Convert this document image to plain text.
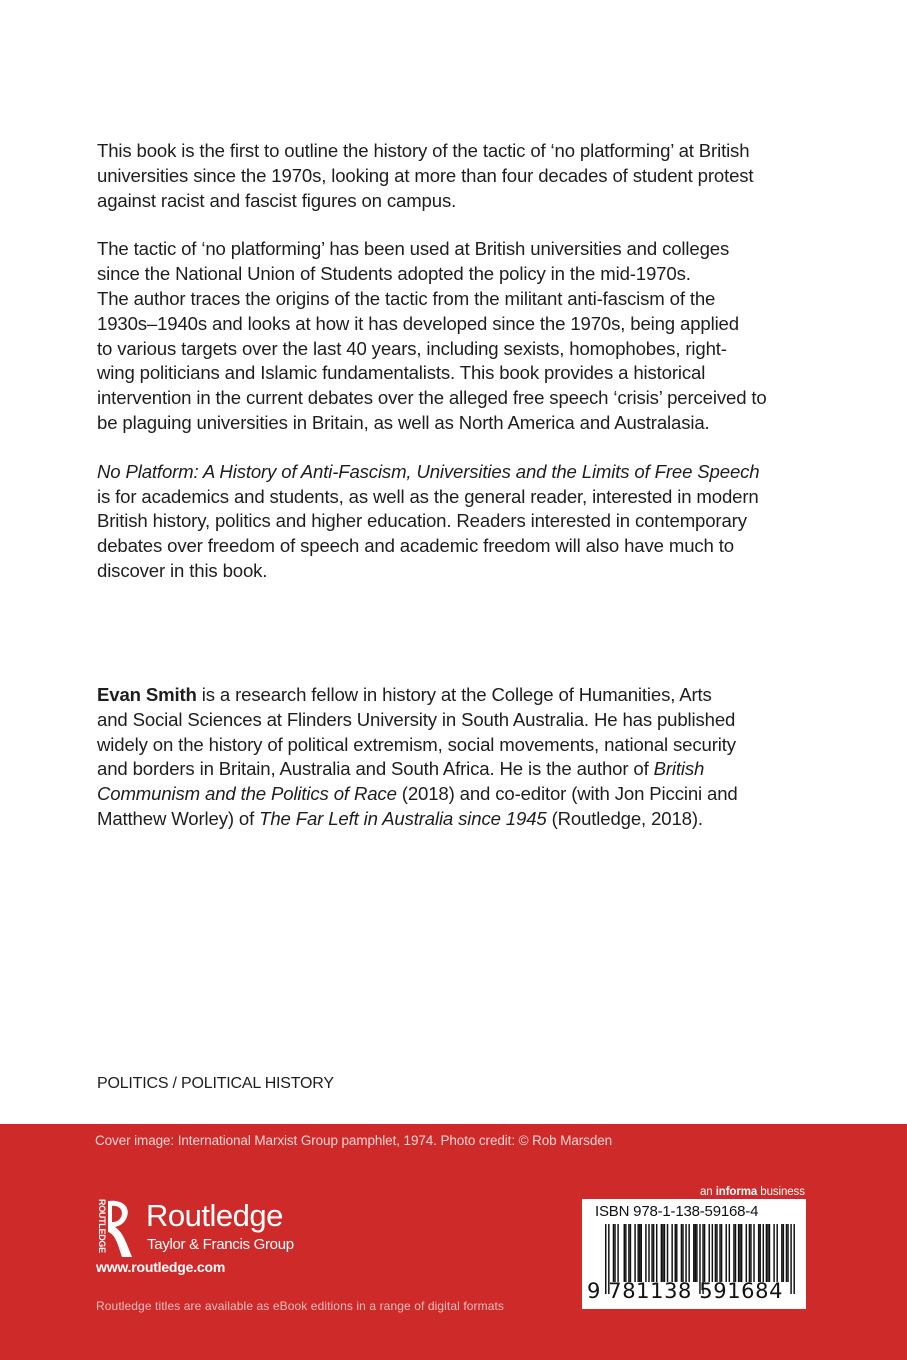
This book is the first to outline the history of the tactic of ‘no platforming’ at British
universities since the 1970s, looking at more than four decades of student protest
against racist and fascist figures on campus.

The tactic of ‘no platforming’ has been used at British universities and colleges
since the National Union of Students adopted the policy in the mid-1970s.
The author traces the origins of the tactic from the militant anti-fascism of the
1930s–1940s and looks at how it has developed since the 1970s, being applied
to various targets over the last 40 years, including sexists, homophobes, right-
wing politicians and Islamic fundamentalists. This book provides a historical
intervention in the current debates over the alleged free speech ‘crisis’ perceived to
be plaguing universities in Britain, as well as North America and Australasia.

No Platform: A History of Anti-Fascism, Universities and the Limits of Free Speech
is for academics and students, as well as the general reader, interested in modern
British history, politics and higher education. Readers interested in contemporary
debates over freedom of speech and academic freedom will also have much to
discover in this book.

Evan Smith is a research fellow in history at the College of Humanities, Arts
and Social Sciences at Flinders University in South Australia. He has published
widely on the history of political extremism, social movements, national security
and borders in Britain, Australia and South Africa. He is the author of British
Communism and the Politics of Race (2018) and co-editor (with Jon Piccini and
Matthew Worley) of The Far Left in Australia since 1945 (Routledge, 2018).
POLITICS / POLITICAL HISTORY
Cover image: International Marxist Group pamphlet, 1974. Photo credit: © Rob Marsden
ROUTLEDGE Routledge
Taylor & Francis Group
www.routledge.com
Routledge titles are available as eBook editions in a range of digital formats
an informa business
ISBN 978-1-138-59168-4
9 781138 591684
